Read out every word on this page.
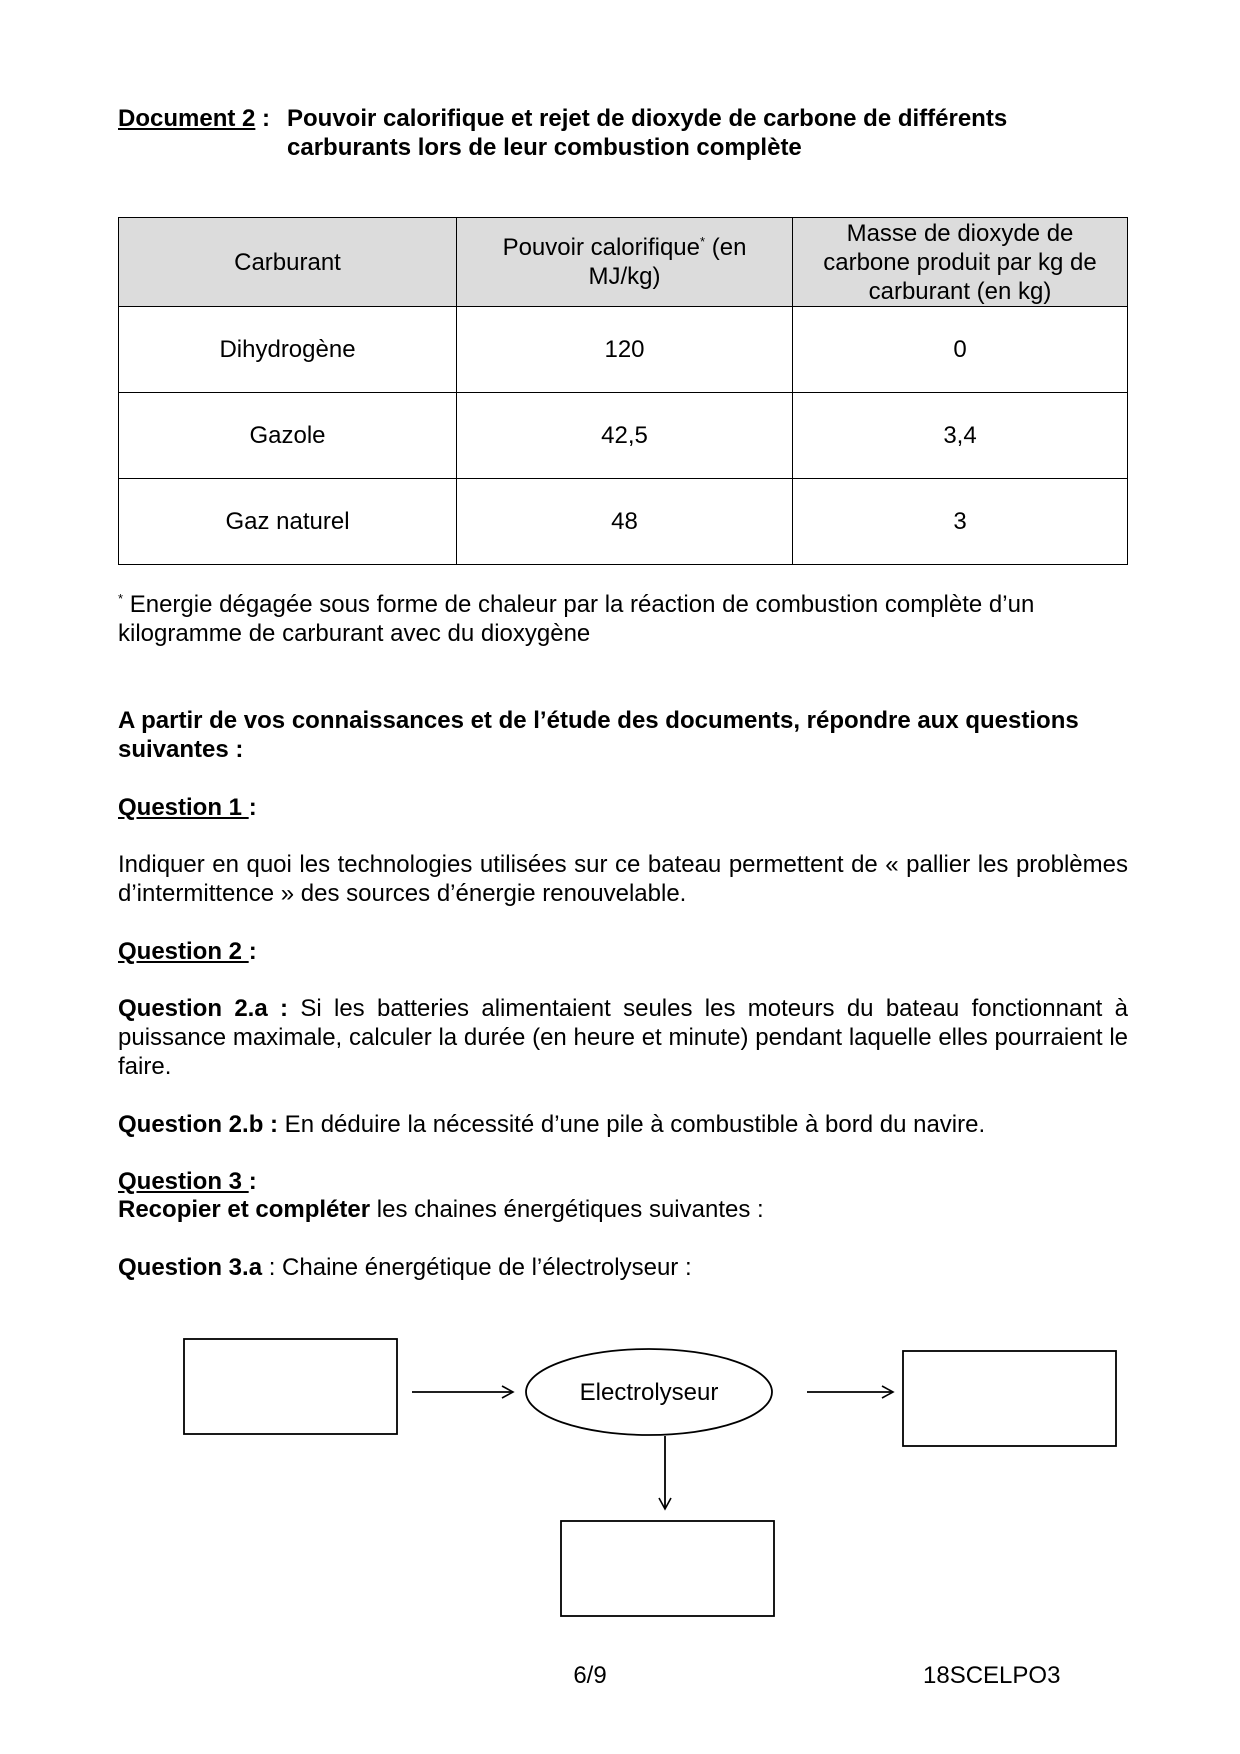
Document 2 : Pouvoir calorifique et rejet de dioxyde de carbone de différents carburants lors de leur combustion complète
Carburant	Pouvoir calorifique* (en MJ/kg)	Masse de dioxyde de carbone produit par kg de carburant (en kg)
Dihydrogène	120	0
Gazole	42,5	3,4
Gaz naturel	48	3
* Energie dégagée sous forme de chaleur par la réaction de combustion complète d’un kilogramme de carburant avec du dioxygène
A partir de vos connaissances et de l’étude des documents, répondre aux questions suivantes :
Question 1 :
Indiquer en quoi les technologies utilisées sur ce bateau permettent de « pallier les problèmes d’intermittence » des sources d’énergie renouvelable.
Question 2 :
Question 2.a : Si les batteries alimentaient seules les moteurs du bateau fonctionnant à puissance maximale, calculer la durée (en heure et minute) pendant laquelle elles pourraient le faire.
Question 2.b : En déduire la nécessité d’une pile à combustible à bord du navire.
Question 3 :
Recopier et compléter les chaines énergétiques suivantes :
Question 3.a : Chaine énergétique de l’électrolyseur :
Electrolyseur
6/9	18SCELPO3
